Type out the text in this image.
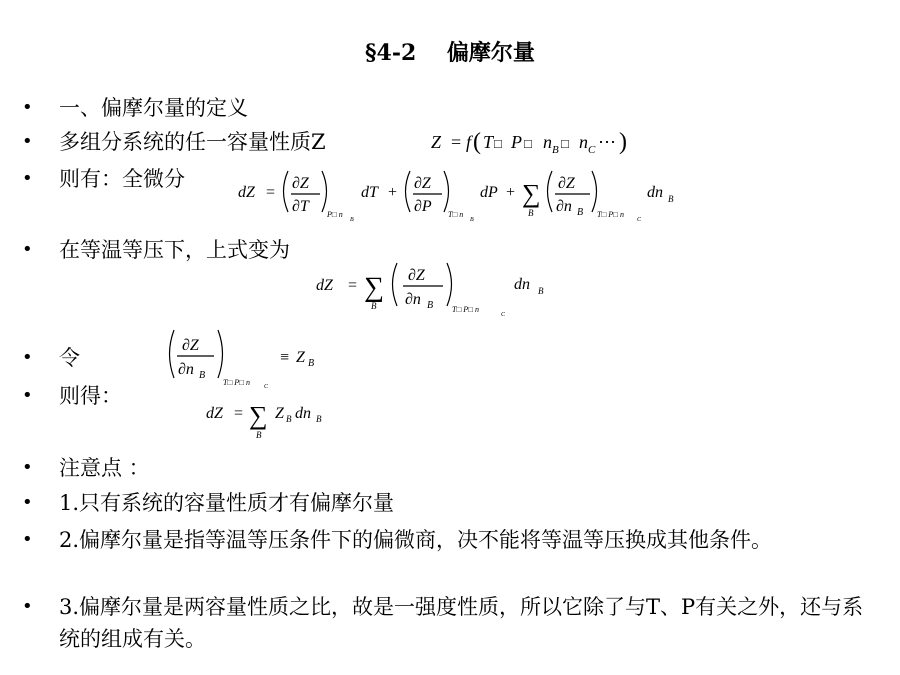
§4-2    偏摩尔量
• 一、偏摩尔量的定义
• 多组分系统的任一容量性质Z
• 则有：全微分
• 在等温等压下，上式变为
• 令
• 则得：
• 注意点 ：
• 1.只有系统的容量性质才有偏摩尔量
• 2.偏摩尔量是指等温等压条件下的偏微商，决不能将等温等压换成其他条件。
• 3.偏摩尔量是两容量性质之比，故是一强度性质，所以它除了与T、P有关之外，还与系统的组成有关。
Z = f ( T □ P □ n B □ n C ⋯ )
dZ =
∂Z
∂T P□ n
B
dT +
∂Z
∂P T□ n
B
dP + ∑
B
∂Z
∂n B T□ P□ n
C
dn B
dZ = ∑
B
∂Z
∂n B T□ P□ n
C
dn B
∂Z
∂n B
T□ P□ n C
≡ Z B
dZ = ∑
B
Z B dn B
